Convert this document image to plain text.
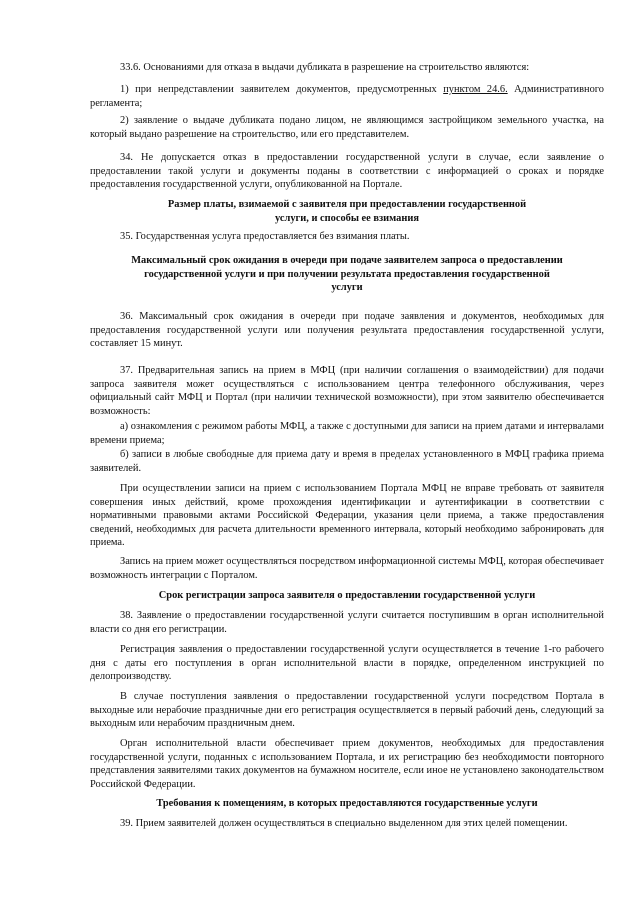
33.6. Основаниями для отказа в выдачи дубликата в разрешение на строительство являются:

1) при непредставлении заявителем документов, предусмотренных пунктом 24.6. Административного регламента;

2) заявление о выдаче дубликата подано лицом, не являющимся застройщиком земельного участка, на который выдано разрешение на строительство, или его представителем.

34. Не допускается отказ в предоставлении государственной услуги в случае, если заявление о предоставлении такой услуги и документы поданы в соответствии с информацией о сроках и порядке предоставления государственной услуги, опубликованной на Портале.

Размер платы, взимаемой с заявителя при предоставлении государственной услуги, и способы ее взимания

35. Государственная услуга предоставляется без взимания платы.

Максимальный срок ожидания в очереди при подаче заявителем запроса о предоставлении государственной услуги и при получении результата предоставления государственной услуги

36. Максимальный срок ожидания в очереди при подаче заявления и документов, необходимых для предоставления государственной услуги или получения результата предоставления государственной услуги, составляет 15 минут.

37. Предварительная запись на прием в МФЦ (при наличии соглашения о взаимодействии) для подачи запроса заявителя может осуществляться с использованием центра телефонного обслуживания, через официальный сайт МФЦ и Портал (при наличии технической возможности), при этом заявителю обеспечивается возможность:

а) ознакомления с режимом работы МФЦ, а также с доступными для записи на прием датами и интервалами времени приема;

б) записи в любые свободные для приема дату и время в пределах установленного в МФЦ графика приема заявителей.

При осуществлении записи на прием с использованием Портала МФЦ не вправе требовать от заявителя совершения иных действий, кроме прохождения идентификации и аутентификации в соответствии с нормативными правовыми актами Российской Федерации, указания цели приема, а также предоставления сведений, необходимых для расчета длительности временного интервала, который необходимо забронировать для приема.

Запись на прием может осуществляться посредством информационной системы МФЦ, которая обеспечивает возможность интеграции с Порталом.

Срок регистрации запроса заявителя о предоставлении государственной услуги

38. Заявление о предоставлении государственной услуги считается поступившим в орган исполнительной власти со дня его регистрации.

Регистрация заявления о предоставлении государственной услуги осуществляется в течение 1-го рабочего дня с даты его поступления в орган исполнительной власти в порядке, определенном инструкцией по делопроизводству.

В случае поступления заявления о предоставлении государственной услуги посредством Портала в выходные или нерабочие праздничные дни его регистрация осуществляется в первый рабочий день, следующий за выходным или нерабочим праздничным днем.

Орган исполнительной власти обеспечивает прием документов, необходимых для предоставления государственной услуги, поданных с использованием Портала, и их регистрацию без необходимости повторного представления заявителями таких документов на бумажном носителе, если иное не установлено законодательством Российской Федерации.

Требования к помещениям, в которых предоставляются государственные услуги

39. Прием заявителей должен осуществляться в специально выделенном для этих целей помещении.
